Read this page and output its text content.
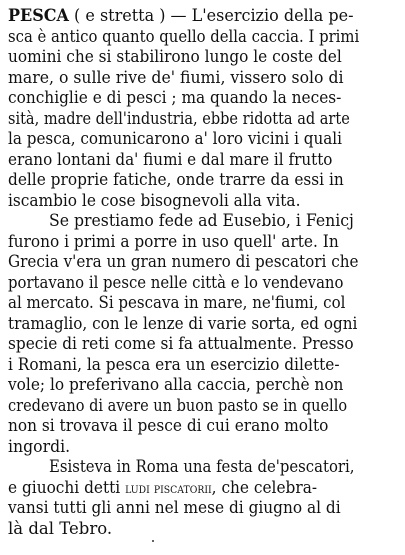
PESCA ( e stretta ) — L'esercizio della pe-
sca è antico quanto quello della caccia. I primi
uomini che si stabilirono lungo le coste del
mare, o sulle rive de' fiumi, vissero solo di
conchiglie e di pesci ; ma quando la neces-
sità, madre dell'industria, ebbe ridotta ad arte
la pesca, comunicarono a' loro vicini i quali
erano lontani da' fiumi e dal mare il frutto
delle proprie fatiche, onde trarre da essi in
iscambio le cose bisognevoli alla vita.
Se prestiamo fede ad Eusebio, i Fenicj
furono i primi a porre in uso quell' arte. In
Grecia v'era un gran numero di pescatori che
portavano il pesce nelle città e lo vendevano
al mercato. Si pescava in mare, ne'fiumi, col
tramaglio, con le lenze di varie sorta, ed ogni
specie di reti come si fa attualmente. Presso
i Romani, la pesca era un esercizio dilette-
vole; lo preferivano alla caccia, perchè non
credevano di avere un buon pasto se in quello
non si trovava il pesce di cui erano molto
ingordi.
Esisteva in Roma una festa de'pescatori,
e giuochi detti ludi piscatorii, che celebra-
vansi tutti gli anni nel mese di giugno al di
là dal Tebro.
